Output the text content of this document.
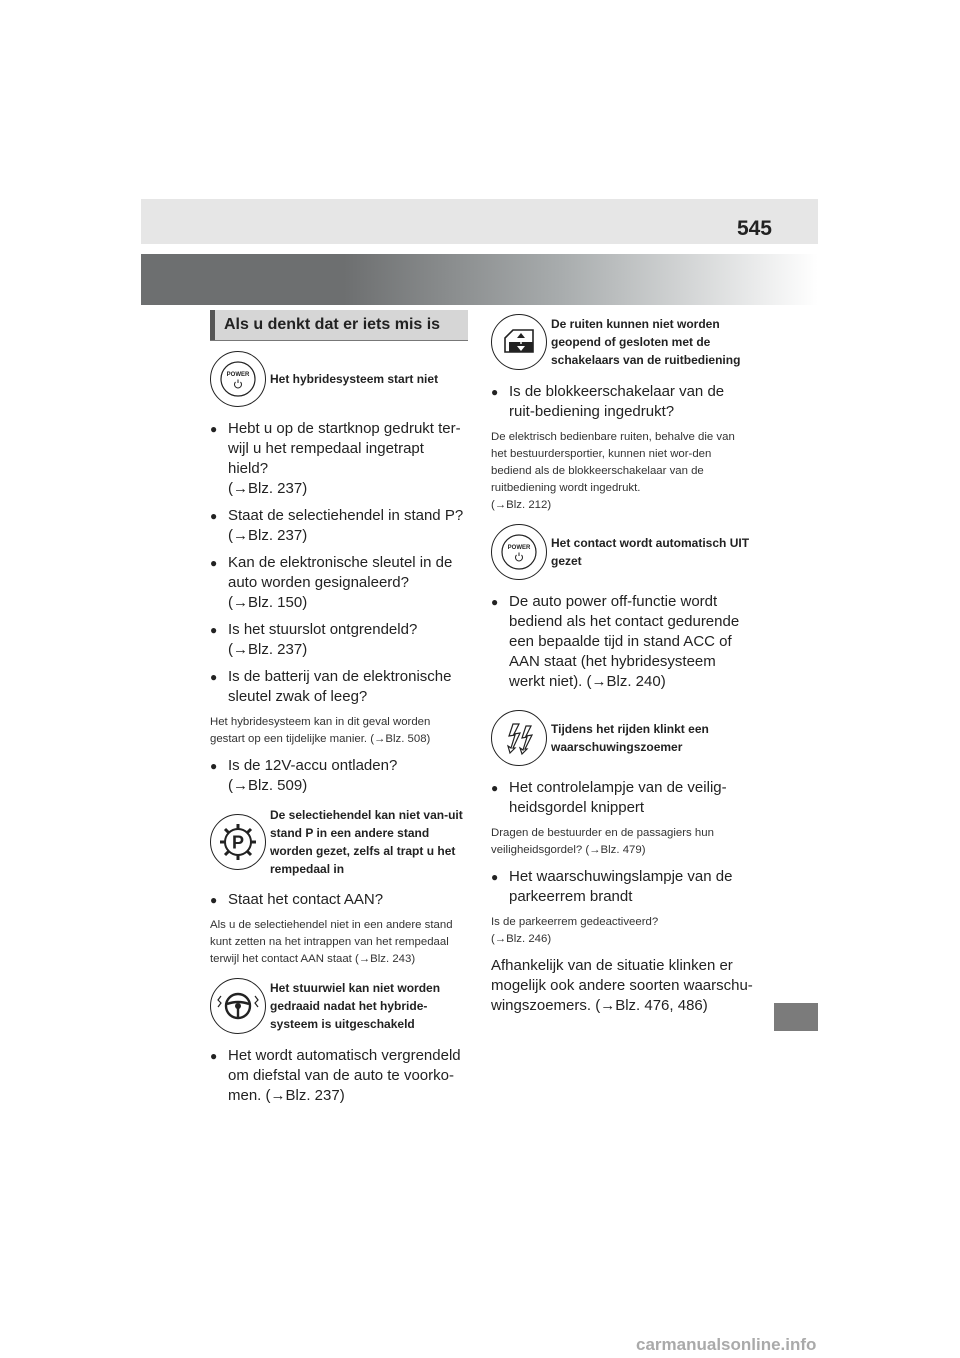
545
Als u denkt dat er iets mis is
POWER Het hybridesysteem start niet
● Hebt u op de startknop gedrukt ter-wijl u het rempedaal ingetrapt hield?
(→Blz. 237)
● Staat de selectiehendel in stand P?
(→Blz. 237)
● Kan de elektronische sleutel in de auto worden gesignaleerd?
(→Blz. 150)
● Is het stuurslot ontgrendeld?
(→Blz. 237)
● Is de batterij van de elektronische sleutel zwak of leeg?
Het hybridesysteem kan in dit geval worden gestart op een tijdelijke manier. (→Blz. 508)
● Is de 12V-accu ontladen?
(→Blz. 509)
P
De selectiehendel kan niet van-uit stand P in een andere stand worden gezet, zelfs al trapt u het rempedaal in
● Staat het contact AAN?
Als u de selectiehendel niet in een andere stand kunt zetten na het intrappen van het rempedaal terwijl het contact AAN staat (→Blz. 243)
Het stuurwiel kan niet worden gedraaid nadat het hybride-systeem is uitgeschakeld
● Het wordt automatisch vergrendeld om diefstal van de auto te voorko-men. (→Blz. 237)
De ruiten kunnen niet worden geopend of gesloten met de schakelaars van de ruitbediening
● Is de blokkeerschakelaar van de ruit-bediening ingedrukt?
De elektrisch bedienbare ruiten, behalve die van het bestuurdersportier, kunnen niet wor-den bediend als de blokkeerschakelaar van de ruitbediening wordt ingedrukt.
(→Blz. 212)
POWER Het contact wordt automatisch UIT gezet
● De auto power off-functie wordt bediend als het contact gedurende een bepaalde tijd in stand ACC of AAN staat (het hybridesysteem werkt niet). (→Blz. 240)
Tijdens het rijden klinkt een waarschuwingszoemer
● Het controlelampje van de veilig-heidsgordel knippert
Dragen de bestuurder en de passagiers hun veiligheidsgordel? (→Blz. 479)
● Het waarschuwingslampje van de parkeerrem brandt
Is de parkeerrem gedeactiveerd?
(→Blz. 246)
Afhankelijk van de situatie klinken er mogelijk ook andere soorten waarschu-wingszoemers. (→Blz. 476, 486)
carmanualsonline.info
